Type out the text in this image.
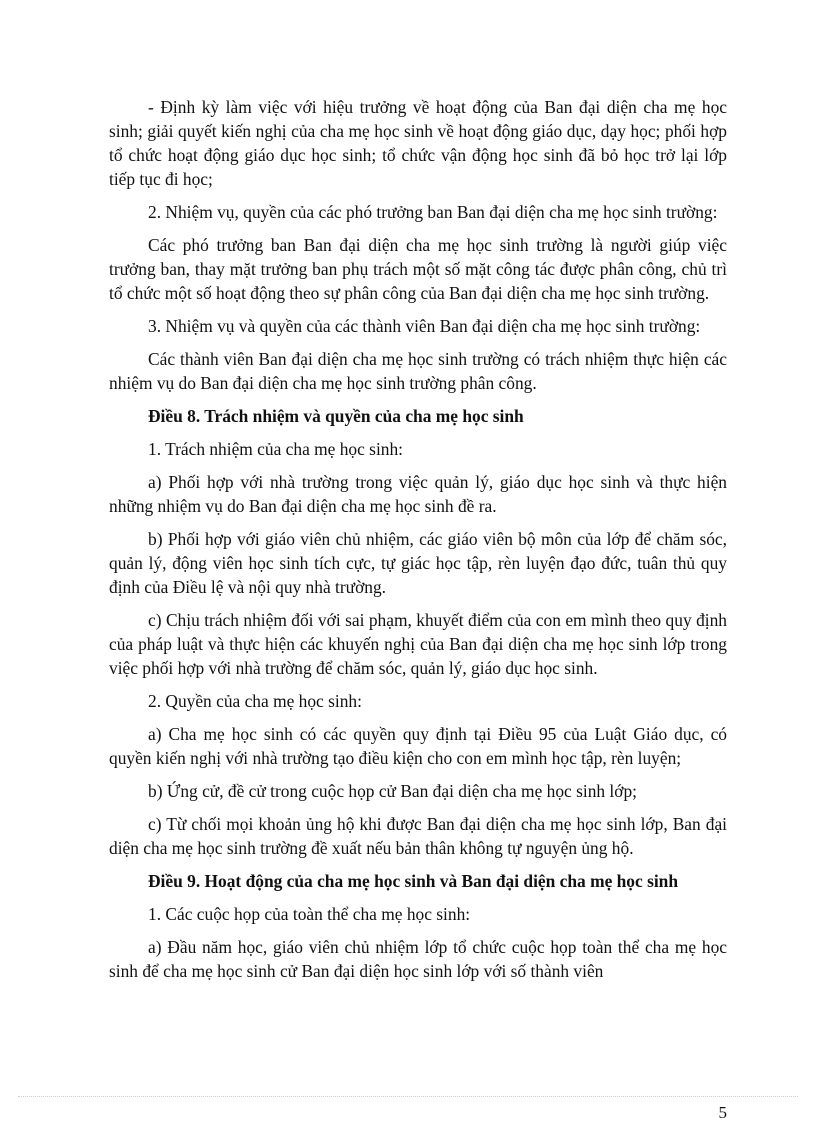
- Định kỳ làm việc với hiệu trưởng về hoạt động của Ban đại diện cha mẹ học sinh; giải quyết kiến nghị của cha mẹ học sinh về hoạt động giáo dục, dạy học; phối hợp tổ chức hoạt động giáo dục học sinh; tổ chức vận động học sinh đã bỏ học trở lại lớp tiếp tục đi học;

2. Nhiệm vụ, quyền của các phó trưởng ban Ban đại diện cha mẹ học sinh trường:

Các phó trưởng ban Ban đại diện cha mẹ học sinh trường là người giúp việc trưởng ban, thay mặt trưởng ban phụ trách một số mặt công tác được phân công, chủ trì tổ chức một số hoạt động theo sự phân công của Ban đại diện cha mẹ học sinh trường.

3. Nhiệm vụ và quyền của các thành viên Ban đại diện cha mẹ học sinh trường:

Các thành viên Ban đại diện cha mẹ học sinh trường có trách nhiệm thực hiện các nhiệm vụ do Ban đại diện cha mẹ học sinh trường phân công.

Điều 8. Trách nhiệm và quyền của cha mẹ học sinh

1. Trách nhiệm của cha mẹ học sinh:

a) Phối hợp với nhà trường trong việc quản lý, giáo dục học sinh và thực hiện những nhiệm vụ do Ban đại diện cha mẹ học sinh đề ra.

b) Phối hợp với giáo viên chủ nhiệm, các giáo viên bộ môn của lớp để chăm sóc, quản lý, động viên học sinh tích cực, tự giác học tập, rèn luyện đạo đức, tuân thủ quy định của Điều lệ và nội quy nhà trường.

c) Chịu trách nhiệm đối với sai phạm, khuyết điểm của con em mình theo quy định của pháp luật và thực hiện các khuyến nghị của Ban đại diện cha mẹ học sinh lớp trong việc phối hợp với nhà trường để chăm sóc, quản lý, giáo dục học sinh.

2. Quyền của cha mẹ học sinh:

a) Cha mẹ học sinh có các quyền quy định tại Điều 95 của Luật Giáo dục, có quyền kiến nghị với nhà trường tạo điều kiện cho con em mình học tập, rèn luyện;

b) Ứng cử, đề cử trong cuộc họp cử Ban đại diện cha mẹ học sinh lớp;

c) Từ chối mọi khoản ủng hộ khi được Ban đại diện cha mẹ học sinh lớp, Ban đại diện cha mẹ học sinh trường đề xuất nếu bản thân không tự nguyện ủng hộ.

Điều 9. Hoạt động của cha mẹ học sinh và Ban đại diện cha mẹ học sinh

1. Các cuộc họp của toàn thể cha mẹ học sinh:

a) Đầu năm học, giáo viên chủ nhiệm lớp tổ chức cuộc họp toàn thể cha mẹ học sinh để cha mẹ học sinh cử Ban đại diện học sinh lớp với số thành viên

5
